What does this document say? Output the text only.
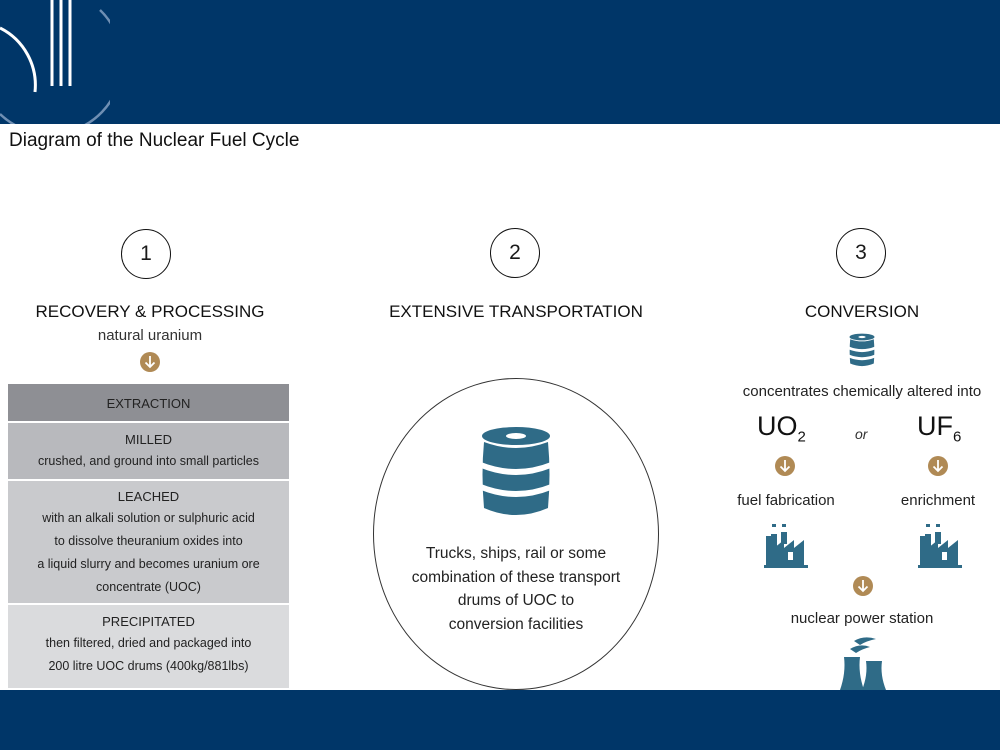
Diagram of the Nuclear Fuel Cycle
1	2	3
RECOVERY & PROCESSING
natural uranium
EXTENSIVE TRANSPORTATION	CONVERSION
EXTRACTION
MILLED
crushed, and ground into small particles
LEACHED
with an alkali solution or sulphuric acid
to dissolve theuranium oxides into
a liquid slurry and becomes uranium ore
concentrate (UOC)
PRECIPITATED
then filtered, dried and packaged into
200 litre UOC drums (400kg/881lbs)
Trucks, ships, rail or some
combination of these transport
drums of UOC to
conversion facilities
concentrates chemically altered into
$UO_2$	or $UF_6$
fuel fabrication	enrichment
nuclear power station
